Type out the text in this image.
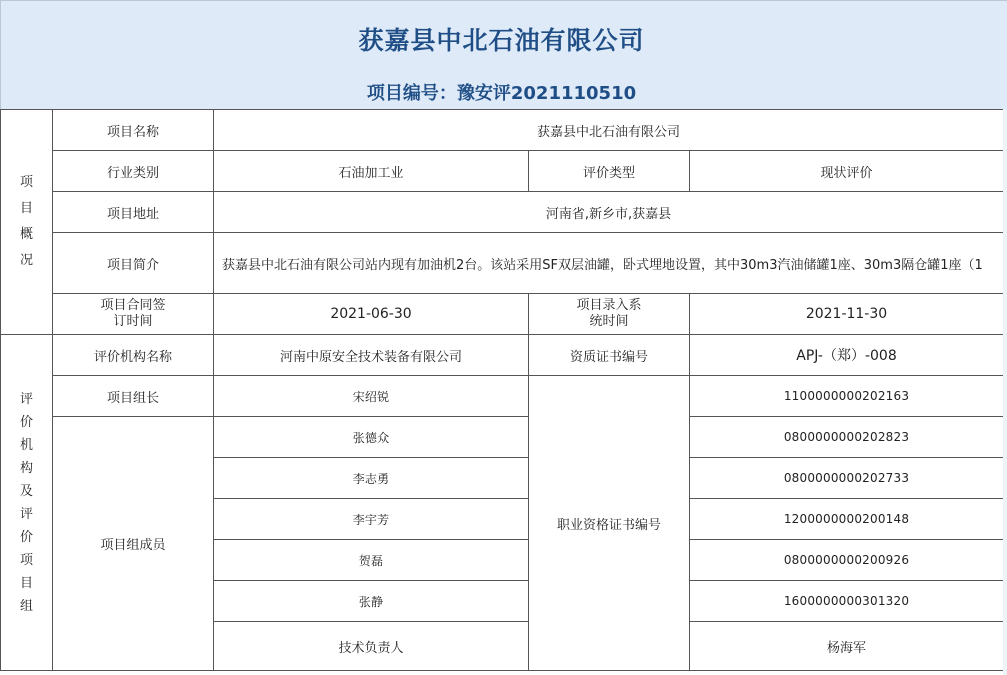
获嘉县中北石油有限公司
项目编号：豫安评2021110510
项目概况	项目名称	获嘉县中北石油有限公司			
	行业类别	石油加工业	评价类型	现状评价	
	项目地址	河南省,新乡市,获嘉县			
	项目简介	获嘉县中北石油有限公司站内现有加油机2台。该站采用SF双层油罐，卧式埋地设置，其中30m3汽油储罐1座、30m3隔仓罐1座（1			
	项目合同签订时间	2021-06-30	项目录入系统时间	2021-11-30	
评价机构及评价项目组	评价机构名称	河南中原安全技术装备有限公司	资质证书编号	APJ-（郑）-008	
	项目组长	宋绍锐	职业资格证书编号	1100000000202163	
	项目组成员	张德众		0800000000202823	
		李志勇		0800000000202733	
		李宇芳		1200000000200148	
		贺磊		0800000000200926	
		张静		1600000000301320	
		技术负责人		杨海军		
